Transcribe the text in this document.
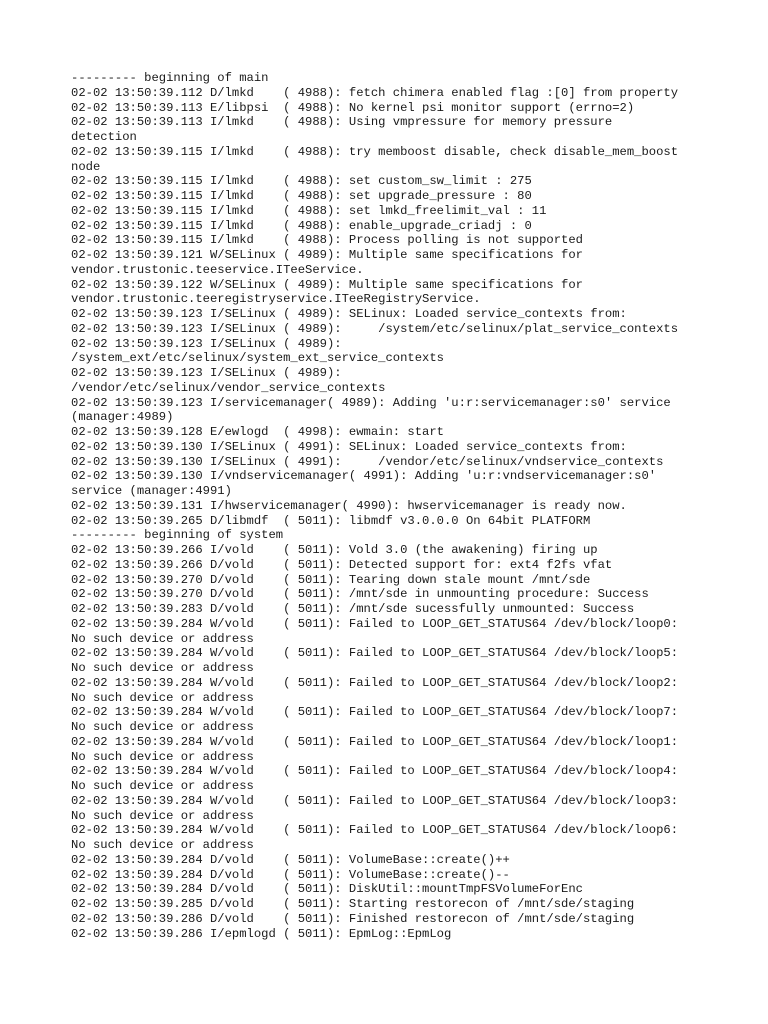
--------- beginning of main
02-02 13:50:39.112 D/lmkd    ( 4988): fetch chimera enabled flag :[0] from property
02-02 13:50:39.113 E/libpsi  ( 4988): No kernel psi monitor support (errno=2)
02-02 13:50:39.113 I/lmkd    ( 4988): Using vmpressure for memory pressure
detection
02-02 13:50:39.115 I/lmkd    ( 4988): try memboost disable, check disable_mem_boost
node
02-02 13:50:39.115 I/lmkd    ( 4988): set custom_sw_limit : 275
02-02 13:50:39.115 I/lmkd    ( 4988): set upgrade_pressure : 80
02-02 13:50:39.115 I/lmkd    ( 4988): set lmkd_freelimit_val : 11
02-02 13:50:39.115 I/lmkd    ( 4988): enable_upgrade_criadj : 0
02-02 13:50:39.115 I/lmkd    ( 4988): Process polling is not supported
02-02 13:50:39.121 W/SELinux ( 4989): Multiple same specifications for
vendor.trustonic.teeservice.ITeeService.
02-02 13:50:39.122 W/SELinux ( 4989): Multiple same specifications for
vendor.trustonic.teeregistryservice.ITeeRegistryService.
02-02 13:50:39.123 I/SELinux ( 4989): SELinux: Loaded service_contexts from:
02-02 13:50:39.123 I/SELinux ( 4989):     /system/etc/selinux/plat_service_contexts
02-02 13:50:39.123 I/SELinux ( 4989):
/system_ext/etc/selinux/system_ext_service_contexts
02-02 13:50:39.123 I/SELinux ( 4989):
/vendor/etc/selinux/vendor_service_contexts
02-02 13:50:39.123 I/servicemanager( 4989): Adding 'u:r:servicemanager:s0' service
(manager:4989)
02-02 13:50:39.128 E/ewlogd  ( 4998): ewmain: start
02-02 13:50:39.130 I/SELinux ( 4991): SELinux: Loaded service_contexts from:
02-02 13:50:39.130 I/SELinux ( 4991):     /vendor/etc/selinux/vndservice_contexts
02-02 13:50:39.130 I/vndservicemanager( 4991): Adding 'u:r:vndservicemanager:s0'
service (manager:4991)
02-02 13:50:39.131 I/hwservicemanager( 4990): hwservicemanager is ready now.
02-02 13:50:39.265 D/libmdf  ( 5011): libmdf v3.0.0.0 On 64bit PLATFORM
--------- beginning of system
02-02 13:50:39.266 I/vold    ( 5011): Vold 3.0 (the awakening) firing up
02-02 13:50:39.266 D/vold    ( 5011): Detected support for: ext4 f2fs vfat
02-02 13:50:39.270 D/vold    ( 5011): Tearing down stale mount /mnt/sde
02-02 13:50:39.270 D/vold    ( 5011): /mnt/sde in unmounting procedure: Success
02-02 13:50:39.283 D/vold    ( 5011): /mnt/sde sucessfully unmounted: Success
02-02 13:50:39.284 W/vold    ( 5011): Failed to LOOP_GET_STATUS64 /dev/block/loop0:
No such device or address
02-02 13:50:39.284 W/vold    ( 5011): Failed to LOOP_GET_STATUS64 /dev/block/loop5:
No such device or address
02-02 13:50:39.284 W/vold    ( 5011): Failed to LOOP_GET_STATUS64 /dev/block/loop2:
No such device or address
02-02 13:50:39.284 W/vold    ( 5011): Failed to LOOP_GET_STATUS64 /dev/block/loop7:
No such device or address
02-02 13:50:39.284 W/vold    ( 5011): Failed to LOOP_GET_STATUS64 /dev/block/loop1:
No such device or address
02-02 13:50:39.284 W/vold    ( 5011): Failed to LOOP_GET_STATUS64 /dev/block/loop4:
No such device or address
02-02 13:50:39.284 W/vold    ( 5011): Failed to LOOP_GET_STATUS64 /dev/block/loop3:
No such device or address
02-02 13:50:39.284 W/vold    ( 5011): Failed to LOOP_GET_STATUS64 /dev/block/loop6:
No such device or address
02-02 13:50:39.284 D/vold    ( 5011): VolumeBase::create()++
02-02 13:50:39.284 D/vold    ( 5011): VolumeBase::create()--
02-02 13:50:39.284 D/vold    ( 5011): DiskUtil::mountTmpFSVolumeForEnc
02-02 13:50:39.285 D/vold    ( 5011): Starting restorecon of /mnt/sde/staging
02-02 13:50:39.286 D/vold    ( 5011): Finished restorecon of /mnt/sde/staging
02-02 13:50:39.286 I/epmlogd ( 5011): EpmLog::EpmLog
